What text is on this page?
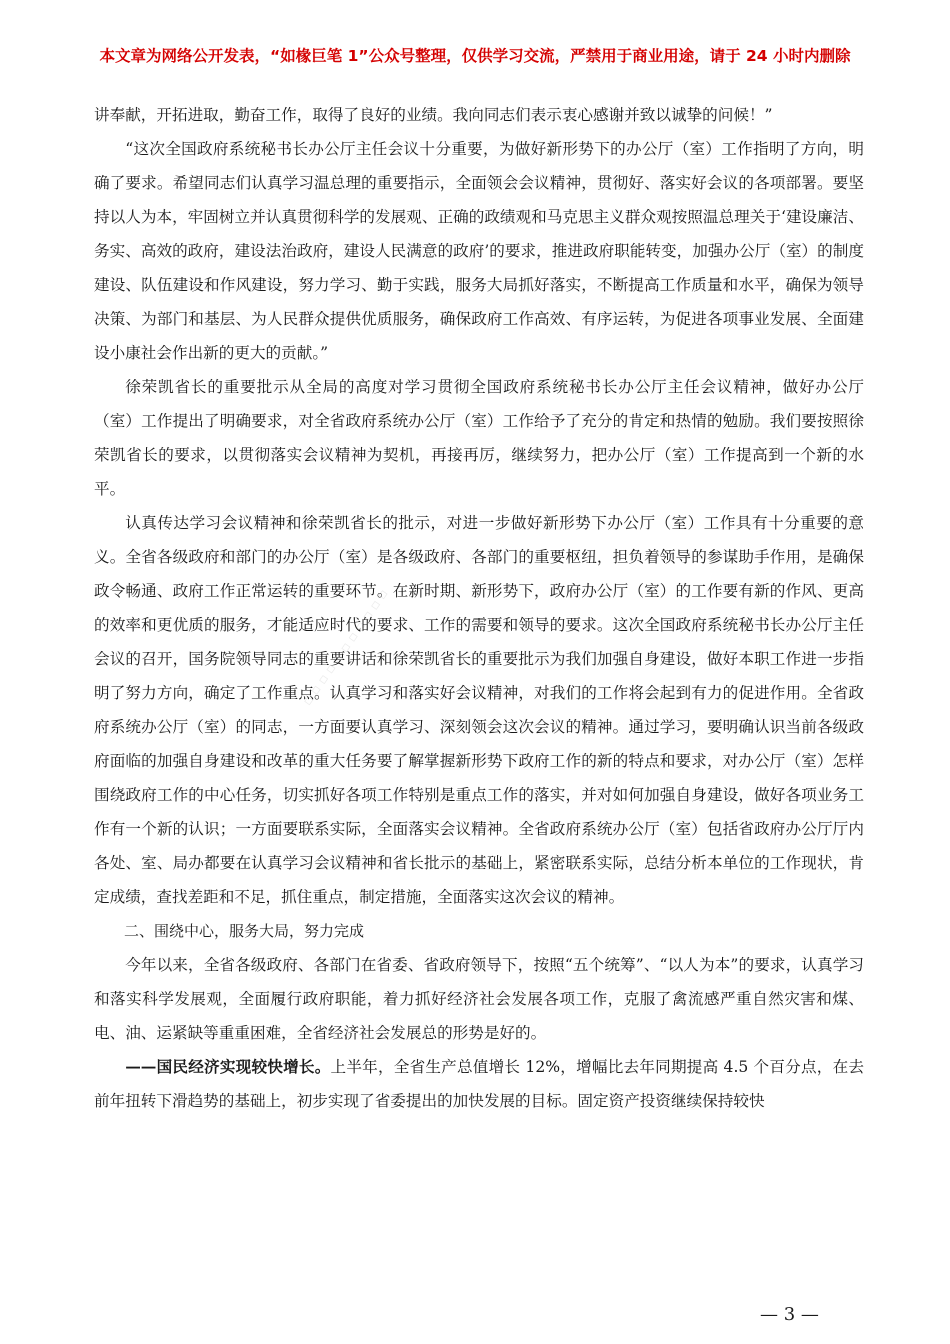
本文章为网络公开发表，“如椽巨笔 1”公众号整理，仅供学习交流，严禁用于商业用途，请于 24 小时内删除

讲奉献，开拓进取，勤奋工作，取得了良好的业绩。我向同志们表示衷心感谢并致以诚挚的问候！”

“这次全国政府系统秘书长办公厅主任会议十分重要，为做好新形势下的办公厅（室）工作指明了方向，明确了要求。希望同志们认真学习温总理的重要指示，全面领会会议精神，贯彻好、落实好会议的各项部署。要坚持以人为本，牢固树立并认真贯彻科学的发展观、正确的政绩观和马克思主义群众观按照温总理关于‘建设廉洁、务实、高效的政府，建设法治政府，建设人民满意的政府’的要求，推进政府职能转变，加强办公厅（室）的制度建设、队伍建设和作风建设，努力学习、勤于实践，服务大局抓好落实，不断提高工作质量和水平，确保为领导决策、为部门和基层、为人民群众提供优质服务，确保政府工作高效、有序运转，为促进各项事业发展、全面建设小康社会作出新的更大的贡献。”

徐荣凯省长的重要批示从全局的高度对学习贯彻全国政府系统秘书长办公厅主任会议精神，做好办公厅（室）工作提出了明确要求，对全省政府系统办公厅（室）工作给予了充分的肯定和热情的勉励。我们要按照徐荣凯省长的要求，以贯彻落实会议精神为契机，再接再厉，继续努力，把办公厅（室）工作提高到一个新的水平。

认真传达学习会议精神和徐荣凯省长的批示，对进一步做好新形势下办公厅（室）工作具有十分重要的意义。全省各级政府和部门的办公厅（室）是各级政府、各部门的重要枢纽，担负着领导的参谋助手作用，是确保政令畅通、政府工作正常运转的重要环节。在新时期、新形势下，政府办公厅（室）的工作要有新的作风、更高的效率和更优质的服务，才能适应时代的要求、工作的需要和领导的要求。这次全国政府系统秘书长办公厅主任会议的召开，国务院领导同志的重要讲话和徐荣凯省长的重要批示为我们加强自身建设，做好本职工作进一步指明了努力方向，确定了工作重点。认真学习和落实好会议精神，对我们的工作将会起到有力的促进作用。全省政府系统办公厅（室）的同志，一方面要认真学习、深刻领会这次会议的精神。通过学习，要明确认识当前各级政府面临的加强自身建设和改革的重大任务要了解掌握新形势下政府工作的新的特点和要求，对办公厅（室）怎样围绕政府工作的中心任务，切实抓好各项工作特别是重点工作的落实，并对如何加强自身建设，做好各项业务工作有一个新的认识；一方面要联系实际，全面落实会议精神。全省政府系统办公厅（室）包括省政府办公厅厅内各处、室、局办都要在认真学习会议精神和省长批示的基础上，紧密联系实际，总结分析本单位的工作现状，肯定成绩，查找差距和不足，抓住重点，制定措施，全面落实这次会议的精神。

二、围绕中心，服务大局，努力完成

今年以来，全省各级政府、各部门在省委、省政府领导下，按照“五个统筹”、“以人为本”的要求，认真学习和落实科学发展观，全面履行政府职能，着力抓好经济社会发展各项工作，克服了禽流感严重自然灾害和煤、电、油、运紧缺等重重困难，全省经济社会发展总的形势是好的。

——国民经济实现较快增长。上半年，全省生产总值增长 12%，增幅比去年同期提高 4.5 个百分点，在去前年扭转下滑趋势的基础上，初步实现了省委提出的加快发展的目标。固定资产投资继续保持较快

▫ ▫ ▫ ▫ ▫ ▫ ▫ ▫ ▫ ▫ ▫
— 3 —
